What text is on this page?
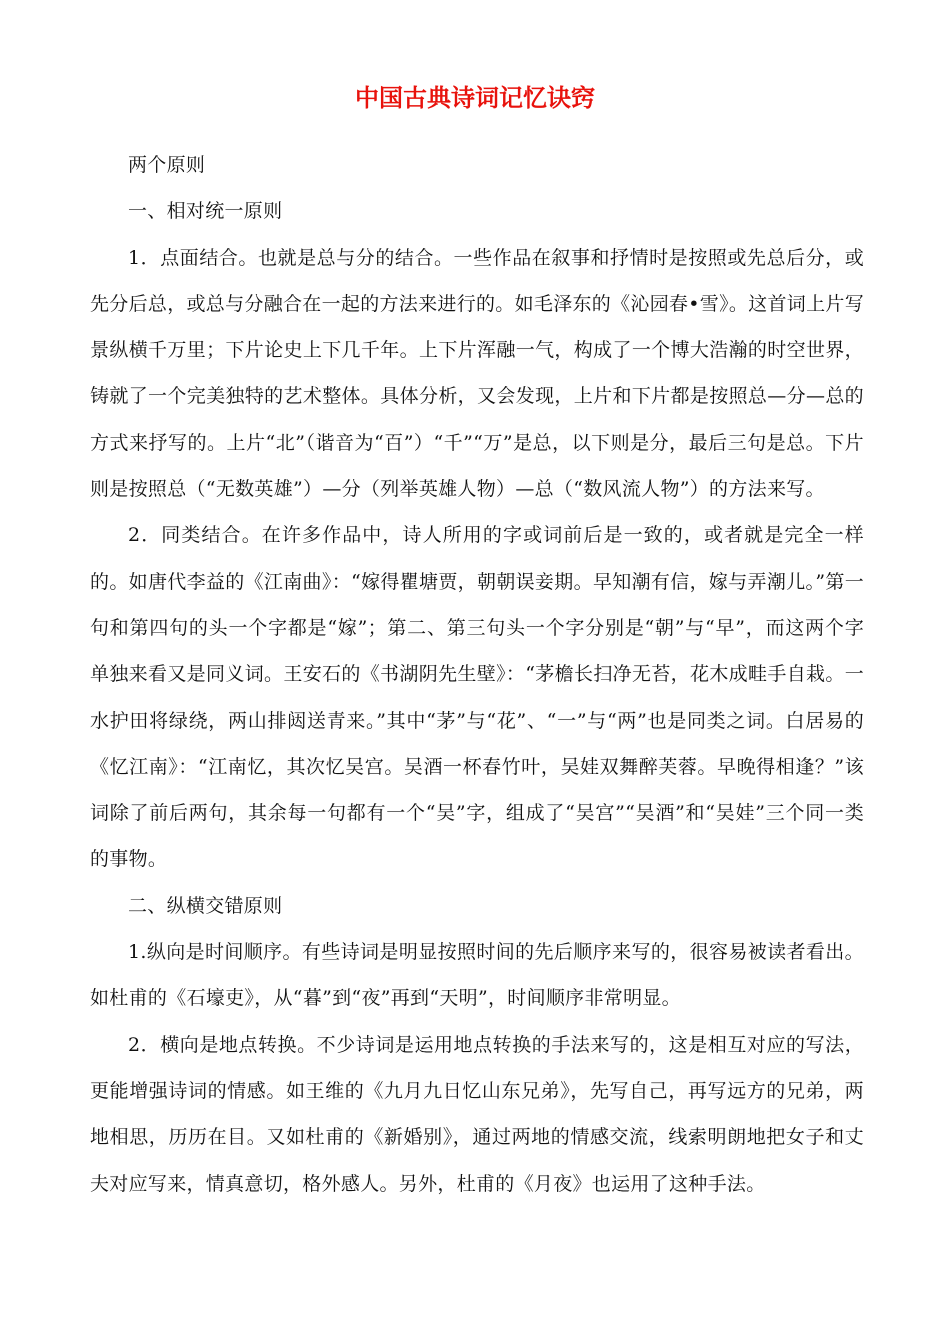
中国古典诗词记忆诀窍

两个原则

一、相对统一原则

1．点面结合。也就是总与分的结合。一些作品在叙事和抒情时是按照或先总后分，或先分后总，或总与分融合在一起的方法来进行的。如毛泽东的《沁园春•雪》。这首词上片写景纵横千万里；下片论史上下几千年。上下片浑融一气，构成了一个博大浩瀚的时空世界，铸就了一个完美独特的艺术整体。具体分析，又会发现，上片和下片都是按照总—分—总的方式来抒写的。上片“北”（谐音为“百”）“千”“万”是总，以下则是分，最后三句是总。下片则是按照总（“无数英雄”）—分（列举英雄人物）—总（“数风流人物”）的方法来写。

2．同类结合。在许多作品中，诗人所用的字或词前后是一致的，或者就是完全一样的。如唐代李益的《江南曲》：“嫁得瞿塘贾，朝朝误妾期。早知潮有信，嫁与弄潮儿。”第一句和第四句的头一个字都是“嫁”；第二、第三句头一个字分别是“朝”与“早”，而这两个字单独来看又是同义词。王安石的《书湖阴先生壁》：“茅檐长扫净无苔，花木成畦手自栽。一水护田将绿绕，两山排闼送青来。”其中“茅”与“花”、“一”与“两”也是同类之词。白居易的《忆江南》：“江南忆，其次忆吴宫。吴酒一杯春竹叶，吴娃双舞醉芙蓉。早晚得相逢？”该词除了前后两句，其余每一句都有一个“吴”字，组成了“吴宫”“吴酒”和“吴娃”三个同一类的事物。

二、纵横交错原则

1.纵向是时间顺序。有些诗词是明显按照时间的先后顺序来写的，很容易被读者看出。如杜甫的《石壕吏》，从“暮”到“夜”再到“天明”，时间顺序非常明显。

2．横向是地点转换。不少诗词是运用地点转换的手法来写的，这是相互对应的写法，更能增强诗词的情感。如王维的《九月九日忆山东兄弟》，先写自己，再写远方的兄弟，两地相思，历历在目。又如杜甫的《新婚别》，通过两地的情感交流，线索明朗地把女子和丈夫对应写来，情真意切，格外感人。另外，杜甫的《月夜》也运用了这种手法。
